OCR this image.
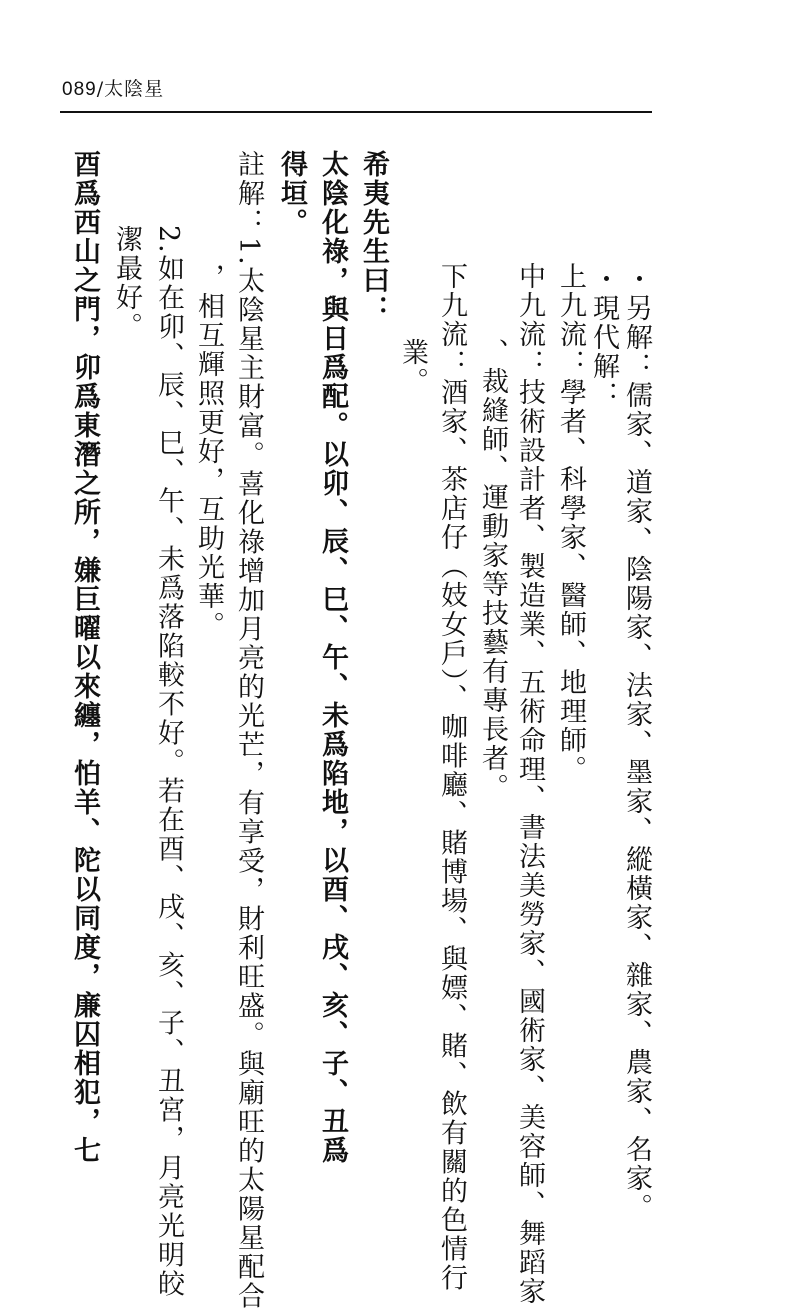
089/太陰星
・另解：儒家、道家、陰陽家、法家、墨家、縱橫家、雜家、農家、名家。
・現代解：
上九流：學者、科學家、醫師、地理師。
中九流：技術設計者、製造業、五術命理、書法美勞家、國術家、美容師、舞蹈家
、裁縫師、運動家等技藝有專長者。
下九流：酒家、茶店仔（妓女戶）、咖啡廳、賭博場、與嫖、賭、飲有關的色情行
業。
希夷先生曰：
太陰化祿，與日爲配。以卯、辰、巳、午、未爲陷地，以酉、戌、亥、子、丑爲
得垣。
註解：1.太陰星主財富。喜化祿增加月亮的光芒，有享受，財利旺盛。與廟旺的太陽星配合
，相互輝照更好，互助光華。
2.如在卯、辰、巳、午、未爲落陷較不好。若在酉、戌、亥、子、丑宮，月亮光明皎
潔最好。
酉爲西山之門，卯爲東潛之所，嫌巨曜以來纏，怕羊、陀以同度，廉囚相犯，七
